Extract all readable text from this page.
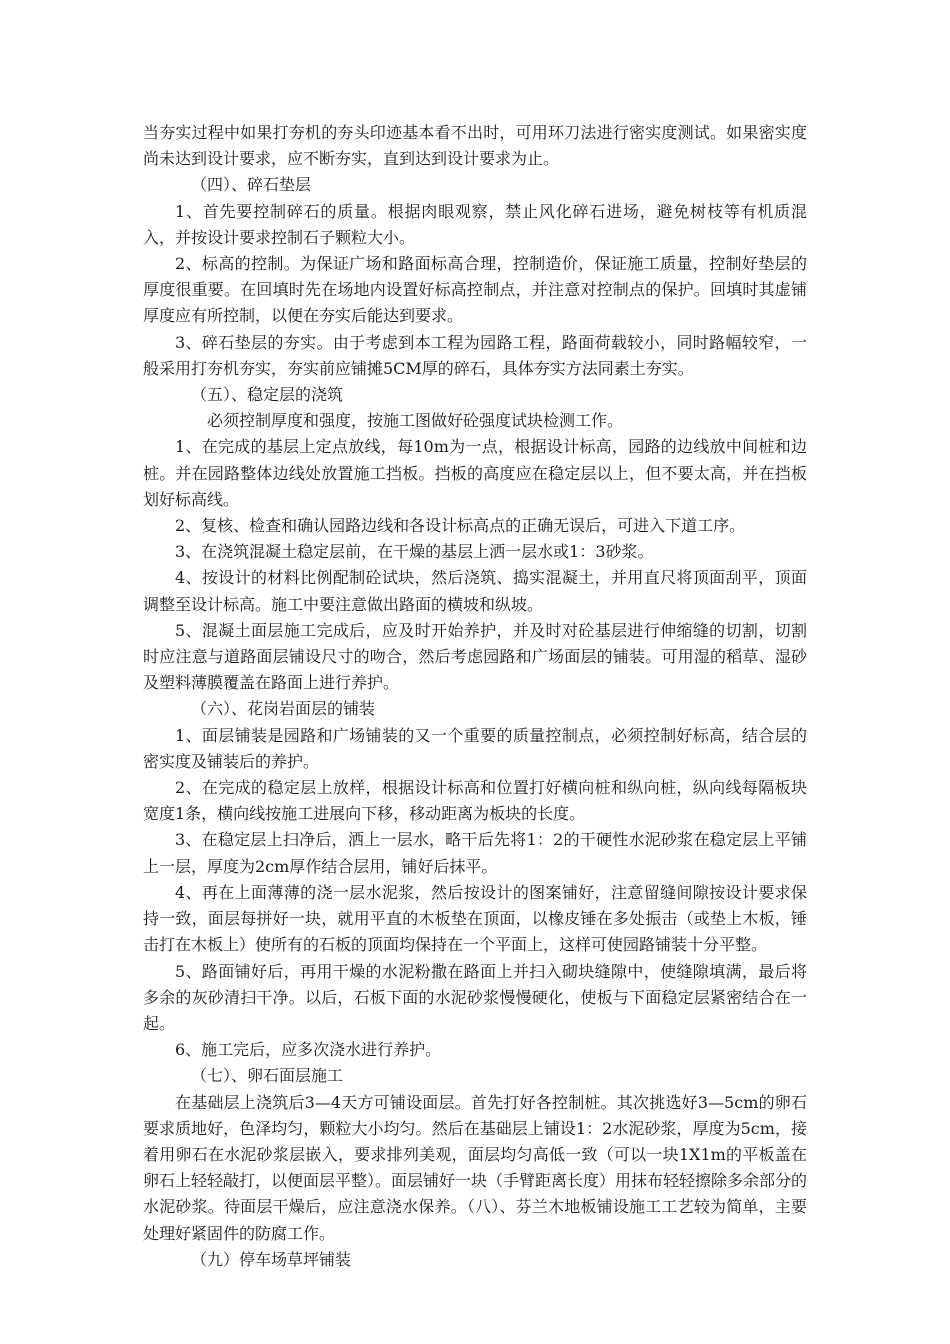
当夯实过程中如果打夯机的夯头印迹基本看不出时，可用环刀法进行密实度测试。如果密实度尚未达到设计要求，应不断夯实，直到达到设计要求为止。

（四）、碎石垫层

1、首先要控制碎石的质量。根据肉眼观察，禁止风化碎石进场，避免树枝等有机质混入，并按设计要求控制石子颗粒大小。

2、标高的控制。为保证广场和路面标高合理，控制造价，保证施工质量，控制好垫层的厚度很重要。在回填时先在场地内设置好标高控制点，并注意对控制点的保护。回填时其虚铺厚度应有所控制，以便在夯实后能达到要求。

3、碎石垫层的夯实。由于考虑到本工程为园路工程，路面荷载较小，同时路幅较窄，一般采用打夯机夯实，夯实前应铺摊5CM厚的碎石，具体夯实方法同素土夯实。

（五）、稳定层的浇筑

必须控制厚度和强度，按施工图做好砼强度试块检测工作。

1、在完成的基层上定点放线，每10m为一点，根据设计标高，园路的边线放中间桩和边桩。并在园路整体边线处放置施工挡板。挡板的高度应在稳定层以上，但不要太高，并在挡板划好标高线。

2、复核、检查和确认园路边线和各设计标高点的正确无误后，可进入下道工序。

3、在浇筑混凝土稳定层前，在干燥的基层上洒一层水或1：3砂浆。

4、按设计的材料比例配制砼试块，然后浇筑、捣实混凝土，并用直尺将顶面刮平，顶面调整至设计标高。施工中要注意做出路面的横坡和纵坡。

5、混凝土面层施工完成后，应及时开始养护，并及时对砼基层进行伸缩缝的切割，切割时应注意与道路面层铺设尺寸的吻合，然后考虑园路和广场面层的铺装。可用湿的稻草、湿砂及塑料薄膜覆盖在路面上进行养护。

（六）、花岗岩面层的铺装

1、面层铺装是园路和广场铺装的又一个重要的质量控制点，必须控制好标高，结合层的密实度及铺装后的养护。

2、在完成的稳定层上放样，根据设计标高和位置打好横向桩和纵向桩，纵向线每隔板块宽度1条，横向线按施工进展向下移，移动距离为板块的长度。

3、在稳定层上扫净后，洒上一层水，略干后先将1：2的干硬性水泥砂浆在稳定层上平铺上一层，厚度为2cm厚作结合层用，铺好后抹平。

4、再在上面薄薄的浇一层水泥浆，然后按设计的图案铺好，注意留缝间隙按设计要求保持一致，面层每拼好一块，就用平直的木板垫在顶面，以橡皮锤在多处振击（或垫上木板，锤击打在木板上）使所有的石板的顶面均保持在一个平面上，这样可使园路铺装十分平整。

5、路面铺好后，再用干燥的水泥粉撒在路面上并扫入砌块缝隙中，使缝隙填满，最后将多余的灰砂清扫干净。以后，石板下面的水泥砂浆慢慢硬化，使板与下面稳定层紧密结合在一起。

6、施工完后，应多次浇水进行养护。

（七）、卵石面层施工

在基础层上浇筑后3—4天方可铺设面层。首先打好各控制桩。其次挑选好3—5cm的卵石要求质地好，色泽均匀，颗粒大小均匀。然后在基础层上铺设1：2水泥砂浆，厚度为5cm，接着用卵石在水泥砂浆层嵌入，要求排列美观，面层均匀高低一致（可以一块1X1m的平板盖在卵石上轻轻敲打，以便面层平整）。面层铺好一块（手臂距离长度）用抹布轻轻擦除多余部分的水泥砂浆。待面层干燥后，应注意浇水保养。（八）、芬兰木地板铺设施工工艺较为简单，主要处理好紧固件的防腐工作。

（九）停车场草坪铺装
